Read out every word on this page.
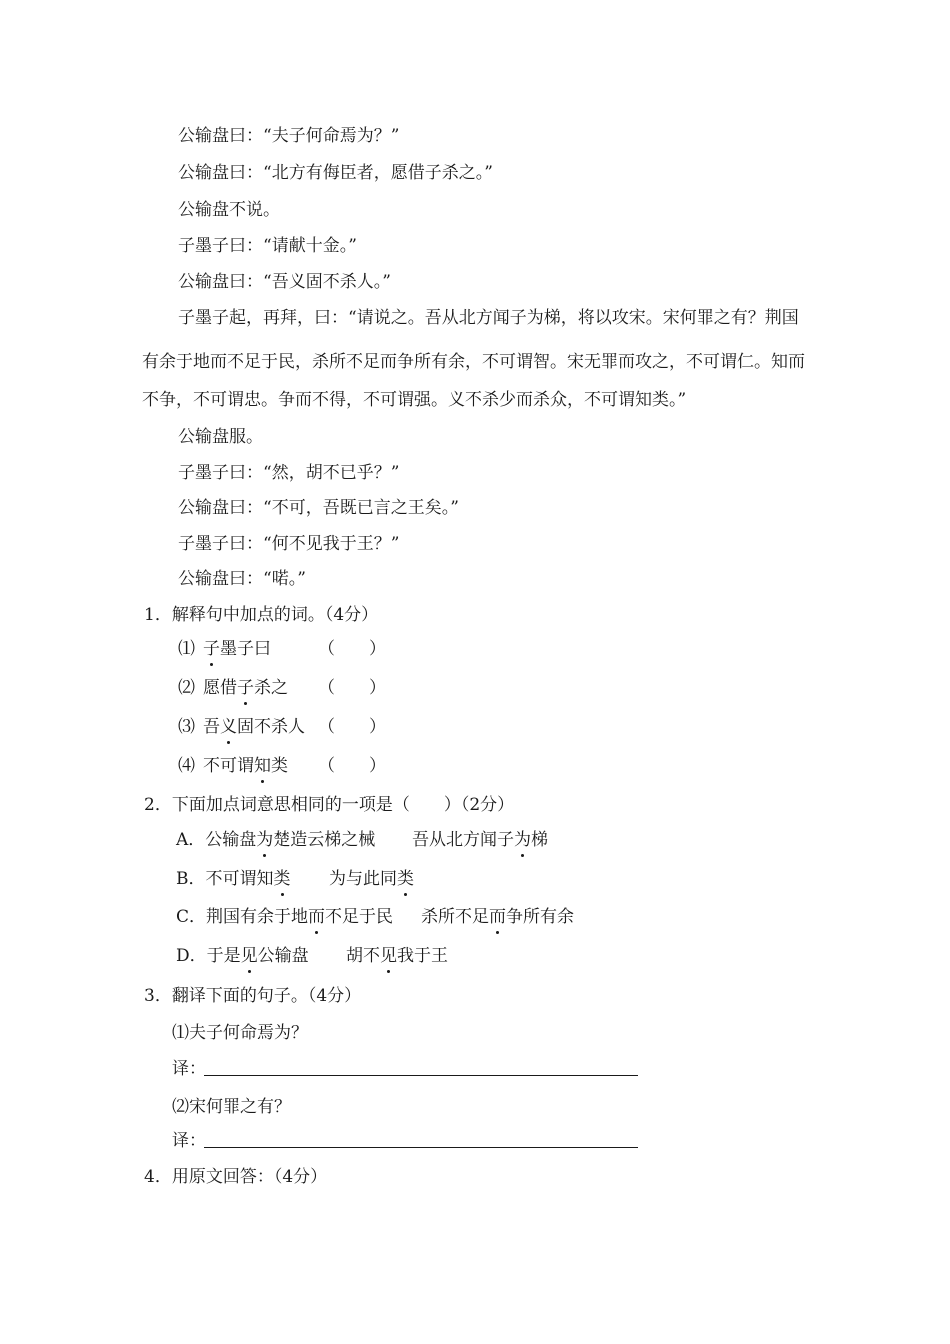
公输盘曰：“夫子何命焉为？”
公输盘曰：“北方有侮臣者，愿借子杀之。”
公输盘不说。
子墨子曰：“请献十金。”
公输盘曰：“吾义固不杀人。”
子墨子起，再拜，曰：“请说之。吾从北方闻子为梯，将以攻宋。宋何罪之有？荆国
有余于地而不足于民，杀所不足而争所有余，不可谓智。宋无罪而攻之，不可谓仁。知而
不争，不可谓忠。争而不得，不可谓强。义不杀少而杀众，不可谓知类。”
公输盘服。
子墨子曰：“然，胡不已乎？”
公输盘曰：“不可，吾既已言之王矣。”
子墨子曰：“何不见我于王？”
公输盘曰：“喏。”
1．解释句中加点的词。（4分）
⑴ 子墨子曰	（　　）
⑵ 愿借子杀之 （　　）
⑶ 吾义固不杀人 （　　）
⑷ 不可谓知类 （　　）
2．下面加点词意思相同的一项是（　　）（2分）
A．公输盘为楚造云梯之械 吾从北方闻子为梯
B．不可谓知类 为与此同类
C．荆国有余于地而不足于民 杀所不足而争所有余
D．于是见公输盘 胡不见我于王
3．翻译下面的句子。（4分）
⑴夫子何命焉为？
译：
⑵宋何罪之有？
译：
4．用原文回答：（4分）
